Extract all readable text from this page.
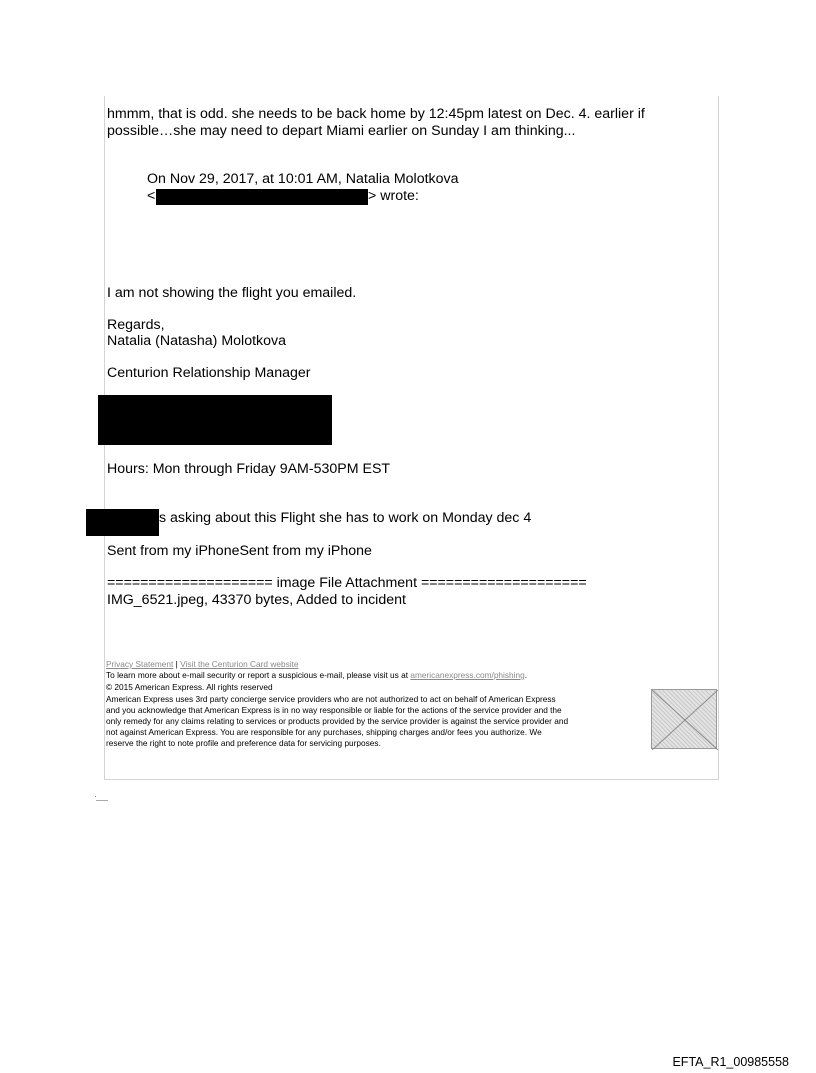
hmmm, that is odd. she needs to be back home by 12:45pm latest on Dec. 4. earlier if
possible…she may need to depart Miami earlier on Sunday I am thinking...
On Nov 29, 2017, at 10:01 AM, Natalia Molotkova
<	> wrote:
I am not showing the flight you emailed.
Regards,
Natalia (Natasha) Molotkova
Centurion Relationship Manager
Hours: Mon through Friday 9AM-530PM EST
s asking about this Flight she has to work on Monday dec 4
Sent from my iPhoneSent from my iPhone
==================== image File Attachment ====================
IMG_6521.jpeg, 43370 bytes, Added to incident
Privacy Statement | Visit the Centurion Card website
To learn more about e-mail security or report a suspicious e-mail, please visit us at americanexpress.com/phishing.
© 2015 American Express. All rights reserved
American Express uses 3rd party concierge service providers who are not authorized to act on behalf of American Express
and you acknowledge that American Express is in no way responsible or liable for the actions of the service provider and the
only remedy for any claims relating to services or products provided by the service provider is against the service provider and
not against American Express. You are responsible for any purchases, shipping charges and/or fees you authorize. We
reserve the right to note profile and preference data for servicing purposes.
EFTA_R1_00985558
